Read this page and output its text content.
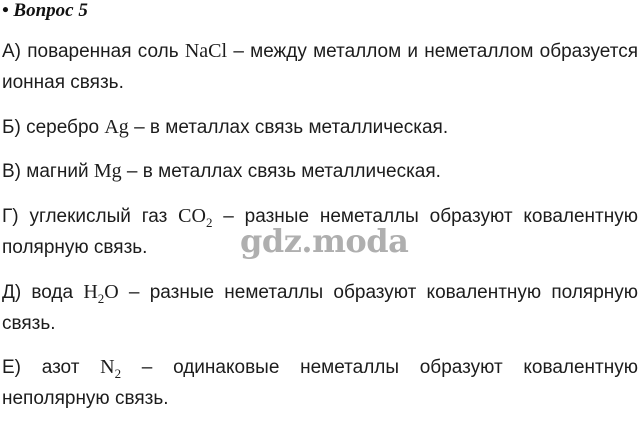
• Вопрос 5
А) поваренная соль NaCl – между металлом и неметаллом образуется ионная связь.
Б) серебро Ag – в металлах связь металлическая.
В) магний Mg – в металлах связь металлическая.
Г) углекислый газ $CO_2$ – разные неметаллы образуют ковалентную полярную связь.
Д) вода $H_2O$ – разные неметаллы образуют ковалентную полярную связь.
Е) азот $N_2$ – одинаковые неметаллы образуют ковалентную неполярную связь.
gdz.moda
